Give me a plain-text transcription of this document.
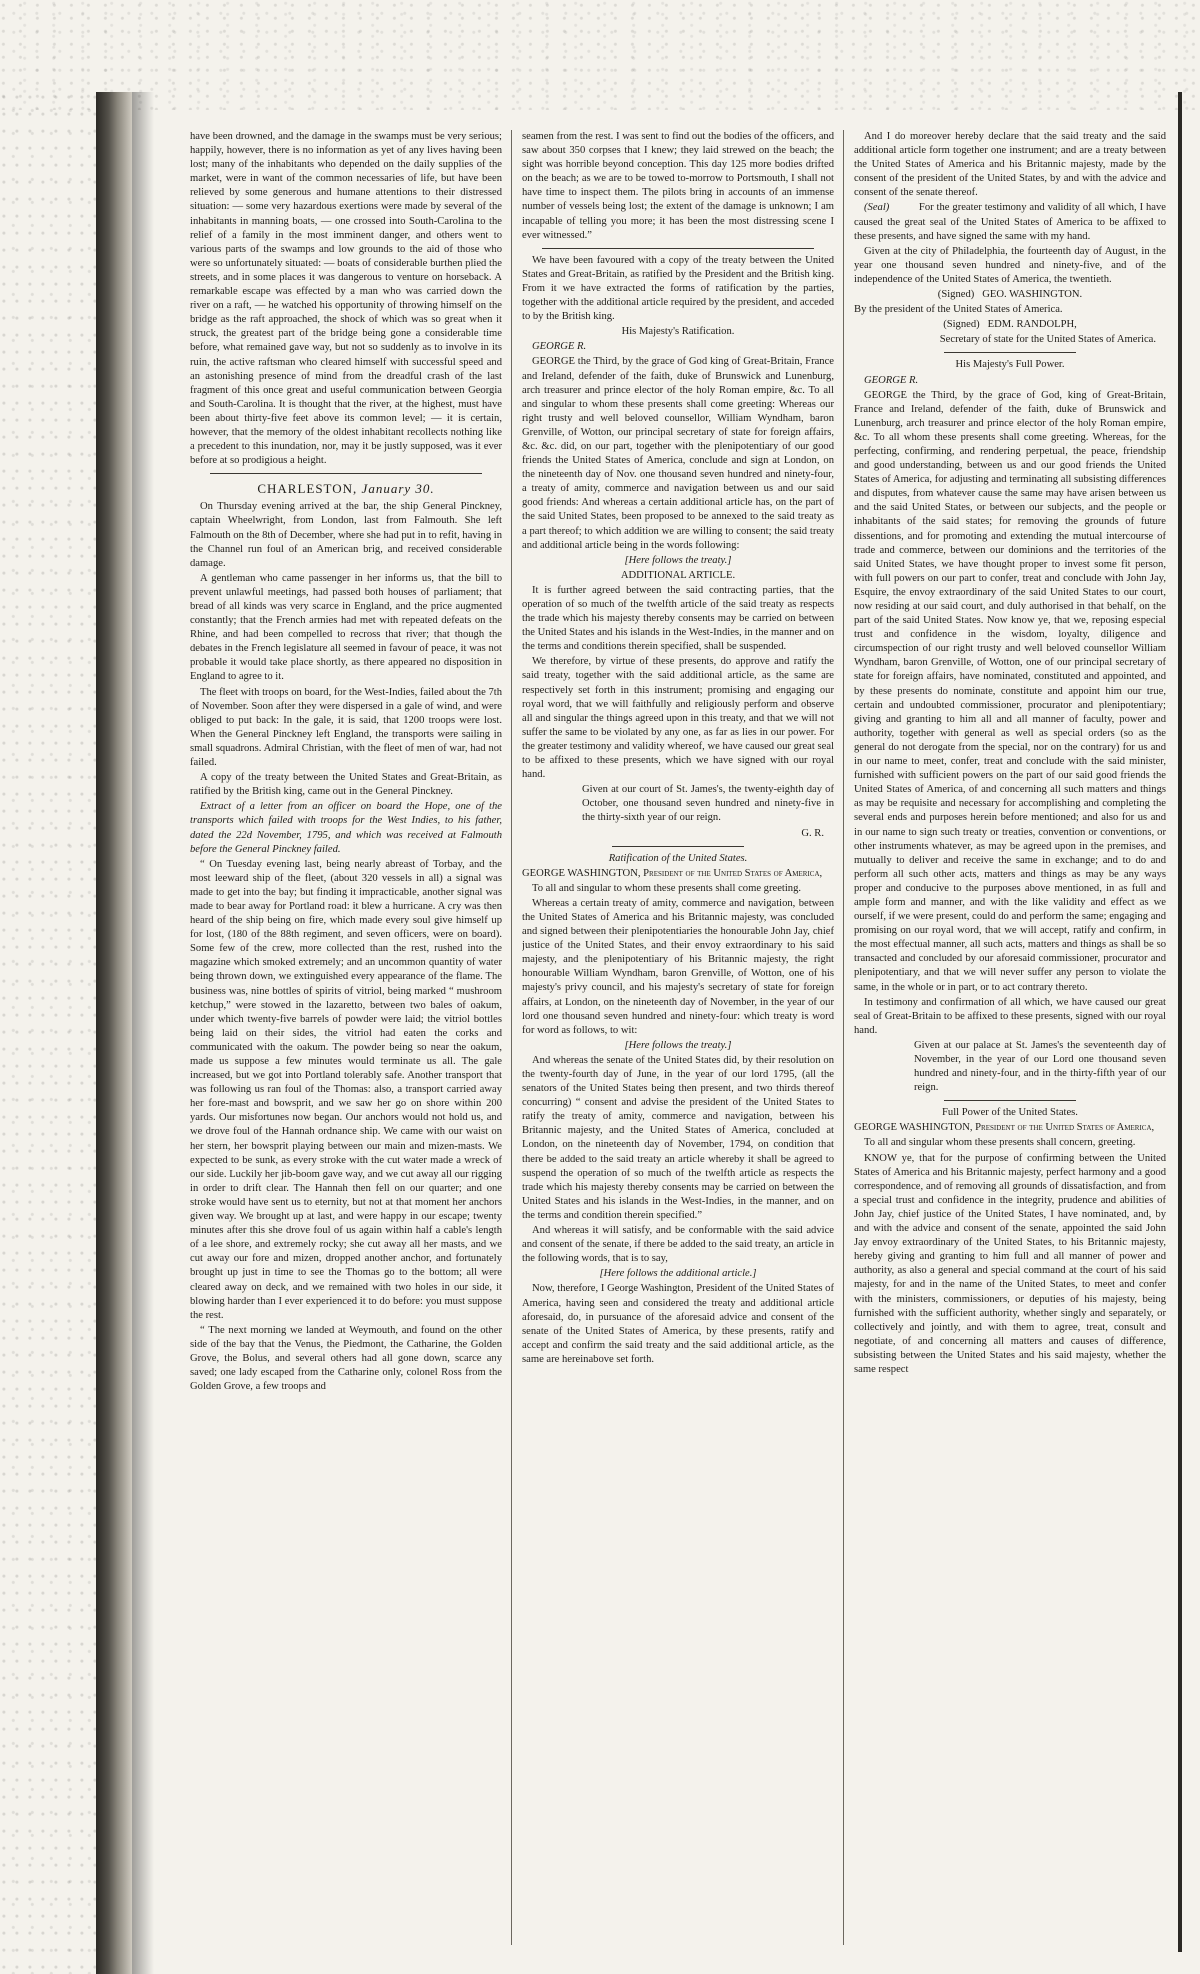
have been drowned, and the damage in the swamps must be very serious; happily, however, there is no information as yet of any lives having been lost; many of the inhabitants who depended on the daily supplies of the market, were in want of the common necessaries of life, but have been relieved by some generous and humane attentions to their distressed situation: — some very hazardous exertions were made by several of the inhabitants in manning boats, — one crossed into South-Carolina to the relief of a family in the most imminent danger, and others went to various parts of the swamps and low grounds to the aid of those who were so unfortunately situated: — boats of considerable burthen plied the streets, and in some places it was dangerous to venture on horseback. A remarkable escape was effected by a man who was carried down the river on a raft, — he watched his opportunity of throwing himself on the bridge as the raft approached, the shock of which was so great when it struck, the greatest part of the bridge being gone a considerable time before, what remained gave way, but not so suddenly as to involve in its ruin, the active raftsman who cleared himself with successful speed and an astonishing presence of mind from the dreadful crash of the last fragment of this once great and useful communication between Georgia and South-Carolina. It is thought that the river, at the highest, must have been about thirty-five feet above its common level; — it is certain, however, that the memory of the oldest inhabitant recollects nothing like a precedent to this inundation, nor, may it be justly supposed, was it ever before at so prodigious a height.

CHARLESTON, January 30.

On Thursday evening arrived at the bar, the ship General Pinckney, captain Wheelwright, from London, last from Falmouth. She left Falmouth on the 8th of December, where she had put in to refit, having in the Channel run foul of an American brig, and received considerable damage.

A gentleman who came passenger in her informs us, that the bill to prevent unlawful meetings, had passed both houses of parliament; that bread of all kinds was very scarce in England, and the price augmented constantly; that the French armies had met with repeated defeats on the Rhine, and had been compelled to recross that river; that though the debates in the French legislature all seemed in favour of peace, it was not probable it would take place shortly, as there appeared no disposition in England to agree to it.

The fleet with troops on board, for the West-Indies, failed about the 7th of November. Soon after they were dispersed in a gale of wind, and were obliged to put back: In the gale, it is said, that 1200 troops were lost. When the General Pinckney left England, the transports were sailing in small squadrons. Admiral Christian, with the fleet of men of war, had not failed.

A copy of the treaty between the United States and Great-Britain, as ratified by the British king, came out in the General Pinckney.

Extract of a letter from an officer on board the Hope, one of the transports which failed with troops for the West Indies, to his father, dated the 22d November, 1795, and which was received at Falmouth before the General Pinckney failed.

“ On Tuesday evening last, being nearly abreast of Torbay, and the most leeward ship of the fleet, (about 320 vessels in all) a signal was made to get into the bay; but finding it impracticable, another signal was made to bear away for Portland road: it blew a hurricane. A cry was then heard of the ship being on fire, which made every soul give himself up for lost, (180 of the 88th regiment, and seven officers, were on board). Some few of the crew, more collected than the rest, rushed into the magazine which smoked extremely; and an uncommon quantity of water being thrown down, we extinguished every appearance of the flame. The business was, nine bottles of spirits of vitriol, being marked “ mushroom ketchup,” were stowed in the lazaretto, between two bales of oakum, under which twenty-five barrels of powder were laid; the vitriol bottles being laid on their sides, the vitriol had eaten the corks and communicated with the oakum. The powder being so near the oakum, made us suppose a few minutes would terminate us all. The gale increased, but we got into Portland tolerably safe. Another transport that was following us ran foul of the Thomas: also, a transport carried away her fore-mast and bowsprit, and we saw her go on shore within 200 yards. Our misfortunes now began. Our anchors would not hold us, and we drove foul of the Hannah ordnance ship. We came with our waist on her stern, her bowsprit playing between our main and mizen-masts. We expected to be sunk, as every stroke with the cut water made a wreck of our side. Luckily her jib-boom gave way, and we cut away all our rigging in order to drift clear. The Hannah then fell on our quarter; and one stroke would have sent us to eternity, but not at that moment her anchors given way. We brought up at last, and were happy in our escape; twenty minutes after this she drove foul of us again within half a cable's length of a lee shore, and extremely rocky; she cut away all her masts, and we cut away our fore and mizen, dropped another anchor, and fortunately brought up just in time to see the Thomas go to the bottom; all were cleared away on deck, and we remained with two holes in our side, it blowing harder than I ever experienced it to do before: you must suppose the rest.

“ The next morning we landed at Weymouth, and found on the other side of the bay that the Venus, the Piedmont, the Catharine, the Golden Grove, the Bolus, and several others had all gone down, scarce any saved; one lady escaped from the Catharine only, colonel Ross from the Golden Grove, a few troops and

seamen from the rest. I was sent to find out the bodies of the officers, and saw about 350 corpses that I knew; they laid strewed on the beach; the sight was horrible beyond conception. This day 125 more bodies drifted on the beach; as we are to be towed to-morrow to Portsmouth, I shall not have time to inspect them. The pilots bring in accounts of an immense number of vessels being lost; the extent of the damage is unknown; I am incapable of telling you more; it has been the most distressing scene I ever witnessed.”

We have been favoured with a copy of the treaty between the United States and Great-Britain, as ratified by the President and the British king. From it we have extracted the forms of ratification by the parties, together with the additional article required by the president, and acceded to by the British king.

His Majesty's Ratification.

GEORGE R.

GEORGE the Third, by the grace of God king of Great-Britain, France and Ireland, defender of the faith, duke of Brunswick and Lunenburg, arch treasurer and prince elector of the holy Roman empire, &c. To all and singular to whom these presents shall come greeting: Whereas our right trusty and well beloved counsellor, William Wyndham, baron Grenville, of Wotton, our principal secretary of state for foreign affairs, &c. &c. did, on our part, together with the plenipotentiary of our good friends the United States of America, conclude and sign at London, on the nineteenth day of Nov. one thousand seven hundred and ninety-four, a treaty of amity, commerce and navigation between us and our said good friends: And whereas a certain additional article has, on the part of the said United States, been proposed to be annexed to the said treaty as a part thereof; to which addition we are willing to consent; the said treaty and additional article being in the words following:

[Here follows the treaty.]

ADDITIONAL ARTICLE.

It is further agreed between the said contracting parties, that the operation of so much of the twelfth article of the said treaty as respects the trade which his majesty thereby consents may be carried on between the United States and his islands in the West-Indies, in the manner and on the terms and conditions therein specified, shall be suspended.

We therefore, by virtue of these presents, do approve and ratify the said treaty, together with the said additional article, as the same are respectively set forth in this instrument; promising and engaging our royal word, that we will faithfully and religiously perform and observe all and singular the things agreed upon in this treaty, and that we will not suffer the same to be violated by any one, as far as lies in our power. For the greater testimony and validity whereof, we have caused our great seal to be affixed to these presents, which we have signed with our royal hand.

Given at our court of St. James's, the twenty-eighth day of October, one thousand seven hundred and ninety-five in the thirty-sixth year of our reign.

G. R.

Ratification of the United States.

GEORGE WASHINGTON, President of the United States of America,

To all and singular to whom these presents shall come greeting.

Whereas a certain treaty of amity, commerce and navigation, between the United States of America and his Britannic majesty, was concluded and signed between their plenipotentiaries the honourable John Jay, chief justice of the United States, and their envoy extraordinary to his said majesty, and the plenipotentiary of his Britannic majesty, the right honourable William Wyndham, baron Grenville, of Wotton, one of his majesty's privy council, and his majesty's secretary of state for foreign affairs, at London, on the nineteenth day of November, in the year of our lord one thousand seven hundred and ninety-four: which treaty is word for word as follows, to wit:

[Here follows the treaty.]

And whereas the senate of the United States did, by their resolution on the twenty-fourth day of June, in the year of our lord 1795, (all the senators of the United States being then present, and two thirds thereof concurring) “ consent and advise the president of the United States to ratify the treaty of amity, commerce and navigation, between his Britannic majesty, and the United States of America, concluded at London, on the nineteenth day of November, 1794, on condition that there be added to the said treaty an article whereby it shall be agreed to suspend the operation of so much of the twelfth article as respects the trade which his majesty thereby consents may be carried on between the United States and his islands in the West-Indies, in the manner, and on the terms and condition therein specified.”

And whereas it will satisfy, and be conformable with the said advice and consent of the senate, if there be added to the said treaty, an article in the following words, that is to say,

[Here follows the additional article.]

Now, therefore, I George Washington, President of the United States of America, having seen and considered the treaty and additional article aforesaid, do, in pursuance of the aforesaid advice and consent of the senate of the United States of America, by these presents, ratify and accept and confirm the said treaty and the said additional article, as the same are hereinabove set forth.

And I do moreover hereby declare that the said treaty and the said additional article form together one instrument; and are a treaty between the United States of America and his Britannic majesty, made by the consent of the president of the United States, by and with the advice and consent of the senate thereof.

(Seal)	For the greater testimony and validity of all which, I have caused the great seal of the United States of America to be affixed to these presents, and have signed the same with my hand.

Given at the city of Philadelphia, the fourteenth day of August, in the year one thousand seven hundred and ninety-five, and of the independence of the United States of America, the twentieth.

(Signed) GEO. WASHINGTON.

By the president of the United States of America.

(Signed) EDM. RANDOLPH,

Secretary of state for the United States of America.

His Majesty's Full Power.

GEORGE R.

GEORGE the Third, by the grace of God, king of Great-Britain, France and Ireland, defender of the faith, duke of Brunswick and Lunenburg, arch treasurer and prince elector of the holy Roman empire, &c. To all whom these presents shall come greeting. Whereas, for the perfecting, confirming, and rendering perpetual, the peace, friendship and good understanding, between us and our good friends the United States of America, for adjusting and terminating all subsisting differences and disputes, from whatever cause the same may have arisen between us and the said United States, or between our subjects, and the people or inhabitants of the said states; for removing the grounds of future dissentions, and for promoting and extending the mutual intercourse of trade and commerce, between our dominions and the territories of the said United States, we have thought proper to invest some fit person, with full powers on our part to confer, treat and conclude with John Jay, Esquire, the envoy extraordinary of the said United States to our court, now residing at our said court, and duly authorised in that behalf, on the part of the said United States. Now know ye, that we, reposing especial trust and confidence in the wisdom, loyalty, diligence and circumspection of our right trusty and well beloved counsellor William Wyndham, baron Grenville, of Wotton, one of our principal secretary of state for foreign affairs, have nominated, constituted and appointed, and by these presents do nominate, constitute and appoint him our true, certain and undoubted commissioner, procurator and plenipotentiary; giving and granting to him all and all manner of faculty, power and authority, together with general as well as special orders (so as the general do not derogate from the special, nor on the contrary) for us and in our name to meet, confer, treat and conclude with the said minister, furnished with sufficient powers on the part of our said good friends the United States of America, of and concerning all such matters and things as may be requisite and necessary for accomplishing and completing the several ends and purposes herein before mentioned; and also for us and in our name to sign such treaty or treaties, convention or conventions, or other instruments whatever, as may be agreed upon in the premises, and mutually to deliver and receive the same in exchange; and to do and perform all such other acts, matters and things as may be any ways proper and conducive to the purposes above mentioned, in as full and ample form and manner, and with the like validity and effect as we ourself, if we were present, could do and perform the same; engaging and promising on our royal word, that we will accept, ratify and confirm, in the most effectual manner, all such acts, matters and things as shall be so transacted and concluded by our aforesaid commissioner, procurator and plenipotentiary, and that we will never suffer any person to violate the same, in the whole or in part, or to act contrary thereto.

In testimony and confirmation of all which, we have caused our great seal of Great-Britain to be affixed to these presents, signed with our royal hand.

Given at our palace at St. James's the seventeenth day of November, in the year of our Lord one thousand seven hundred and ninety-four, and in the thirty-fifth year of our reign.

Full Power of the United States.

GEORGE WASHINGTON, President of the United States of America,

To all and singular whom these presents shall concern, greeting.

KNOW ye, that for the purpose of confirming between the United States of America and his Britannic majesty, perfect harmony and a good correspondence, and of removing all grounds of dissatisfaction, and from a special trust and confidence in the integrity, prudence and abilities of John Jay, chief justice of the United States, I have nominated, and, by and with the advice and consent of the senate, appointed the said John Jay envoy extraordinary of the United States, to his Britannic majesty, hereby giving and granting to him full and all manner of power and authority, as also a general and special command at the court of his said majesty, for and in the name of the United States, to meet and confer with the ministers, commissioners, or deputies of his majesty, being furnished with the sufficient authority, whether singly and separately, or collectively and jointly, and with them to agree, treat, consult and negotiate, of and concerning all matters and causes of difference, subsisting between the United States and his said majesty, whether the same respect
